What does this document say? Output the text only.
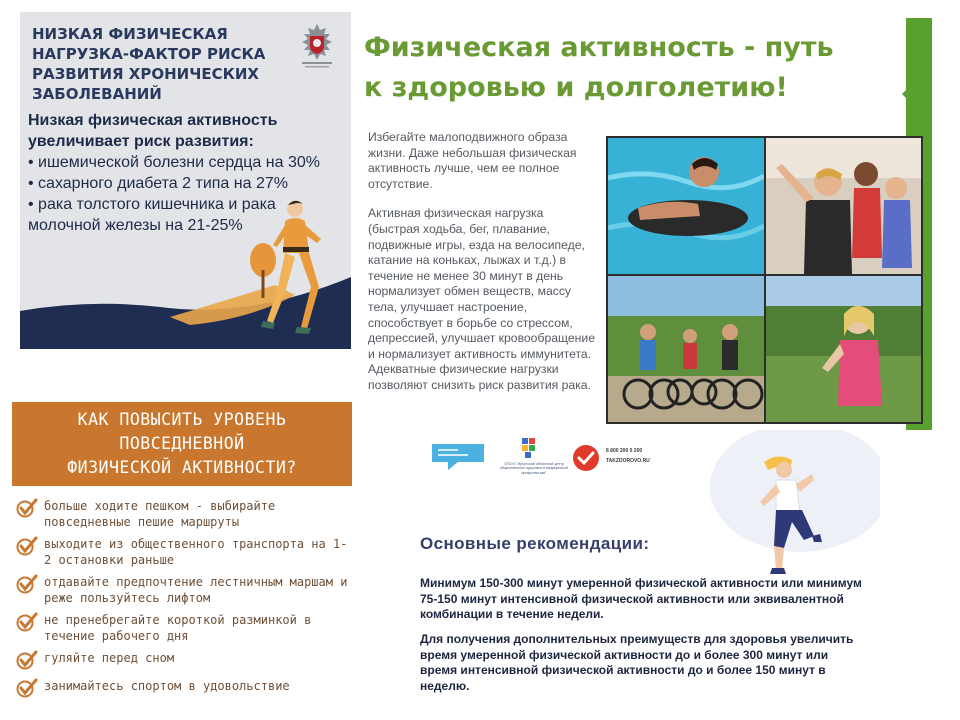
НИЗКАЯ ФИЗИЧЕСКАЯ НАГРУЗКА-ФАКТОР РИСКА РАЗВИТИЯ ХРОНИЧЕСКИХ ЗАБОЛЕВАНИЙ
Низкая физическая активность увеличивает риск развития:
• ишемической болезни сердца на 30%
• сахарного диабета 2 типа на 27%
• рака толстого кишечника и рака молочной железы на 21-25%
Физическая активность - путь к здоровью и долголетию!

Избегайте малоподвижного образа жизни. Даже небольшая физическая активность лучше, чем ее полное отсутствие.

Активная физическая нагрузка (быстрая ходьба, бег, плавание, подвижные игры, езда на велосипеде, катание на коньках, лыжах и т.д.) в течение не менее 30 минут в день нормализует обмен веществ, массу тела, улучшает настроение, способствует в борьбе со стрессом, депрессией, улучшает кровообращение и нормализует активность иммунитета. Адекватные физические нагрузки позволяют снизить риск развития рака.

КАК ПОВЫСИТЬ УРОВЕНЬ
ПОВСЕДНЕВНОЙ
ФИЗИЧЕСКОЙ АКТИВНОСТИ?
больше ходите пешком - выбирайте повседневные пешие маршруты
выходите из общественного транспорта на 1-2 остановки раньше
отдавайте предпочтение лестничным маршам и реже пользуйтесь лифтом
не пренебрегайте короткой разминкой в течение рабочего дня
гуляйте перед сном
занимайтесь спортом в удовольствие
ОГБУЗ "Иркутский областной центр общественного здоровья и медицинской профилактики"
8 800 200 0 200
TAKZDOROVO.RU
Основные рекомендации:
Минимум 150-300 минут умеренной физической активности или минимум 75-150 минут интенсивной физической активности или эквивалентной комбинации в течение недели.
Для получения дополнительных преимуществ для здоровья увеличить время умеренной физической активности до и более 300 минут или время интенсивной физической активности до и более 150 минут в неделю.
